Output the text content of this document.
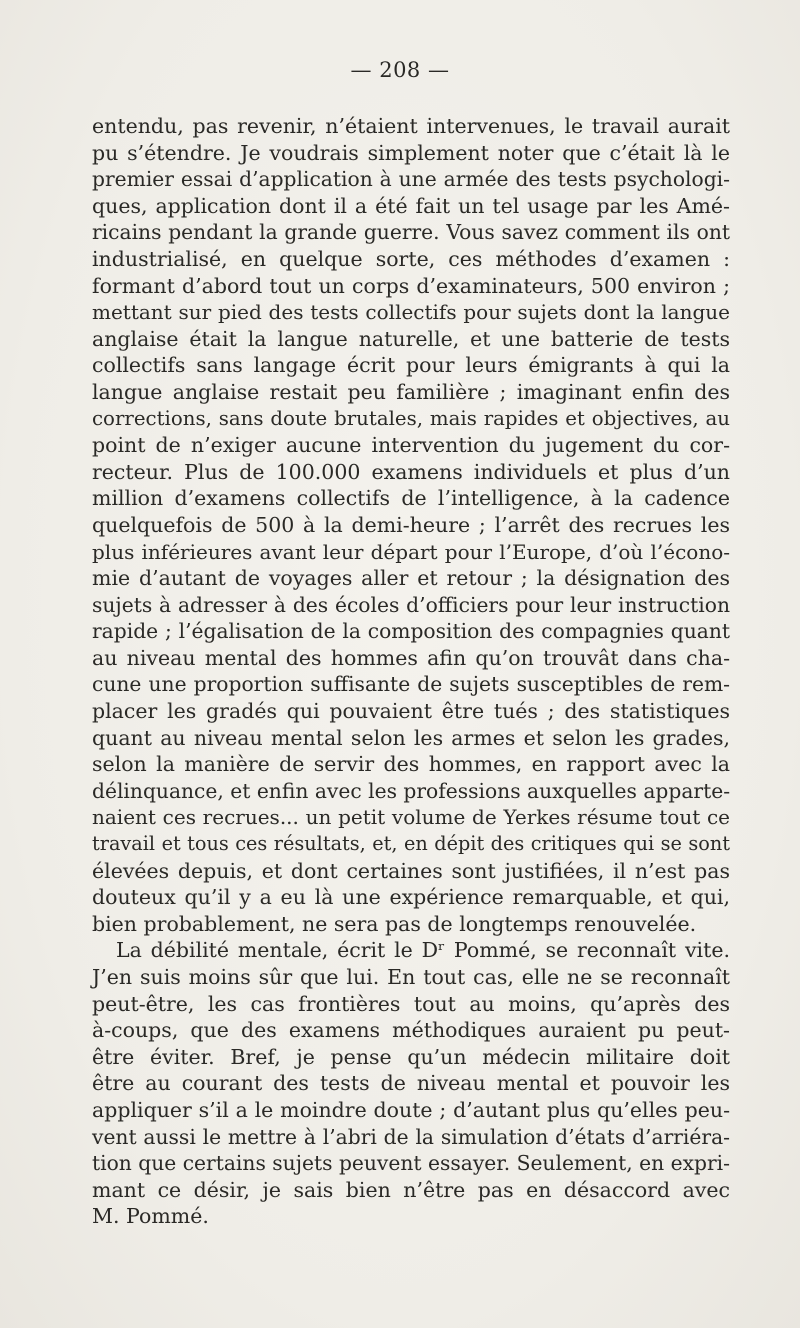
— 208 —
entendu, pas revenir, n’étaient intervenues, le travail aurait
pu s’étendre. Je voudrais simplement noter que c’était là le
premier essai d’application à une armée des tests psychologi-
ques, application dont il a été fait un tel usage par les Amé-
ricains pendant la grande guerre. Vous savez comment ils ont
industrialisé, en quelque sorte, ces méthodes d’examen :
formant d’abord tout un corps d’examinateurs, 500 environ ;
mettant sur pied des tests collectifs pour sujets dont la langue
anglaise était la langue naturelle, et une batterie de tests
collectifs sans langage écrit pour leurs émigrants à qui la
langue anglaise restait peu familière ; imaginant enfin des
corrections, sans doute brutales, mais rapides et objectives, au
point de n’exiger aucune intervention du jugement du cor-
recteur. Plus de 100.000 examens individuels et plus d’un
million d’examens collectifs de l’intelligence, à la cadence
quelquefois de 500 à la demi-heure ; l’arrêt des recrues les
plus inférieures avant leur départ pour l’Europe, d’où l’écono-
mie d’autant de voyages aller et retour ; la désignation des
sujets à adresser à des écoles d’officiers pour leur instruction
rapide ; l’égalisation de la composition des compagnies quant
au niveau mental des hommes afin qu’on trouvât dans cha-
cune une proportion suffisante de sujets susceptibles de rem-
placer les gradés qui pouvaient être tués ; des statistiques
quant au niveau mental selon les armes et selon les grades,
selon la manière de servir des hommes, en rapport avec la
délinquance, et enfin avec les professions auxquelles apparte-
naient ces recrues... un petit volume de Yerkes résume tout ce
travail et tous ces résultats, et, en dépit des critiques qui se sont
élevées depuis, et dont certaines sont justifiées, il n’est pas
douteux qu’il y a eu là une expérience remarquable, et qui,
bien probablement, ne sera pas de longtemps renouvelée.
La débilité mentale, écrit le Dʳ Pommé, se reconnaît vite.
J’en suis moins sûr que lui. En tout cas, elle ne se reconnaît
peut-être, les cas frontières tout au moins, qu’après des
à-coups, que des examens méthodiques auraient pu peut-
être éviter. Bref, je pense qu’un médecin militaire doit
être au courant des tests de niveau mental et pouvoir les
appliquer s’il a le moindre doute ; d’autant plus qu’elles peu-
vent aussi le mettre à l’abri de la simulation d’états d’arriéra-
tion que certains sujets peuvent essayer. Seulement, en expri-
mant ce désir, je sais bien n’être pas en désaccord avec
M. Pommé.
